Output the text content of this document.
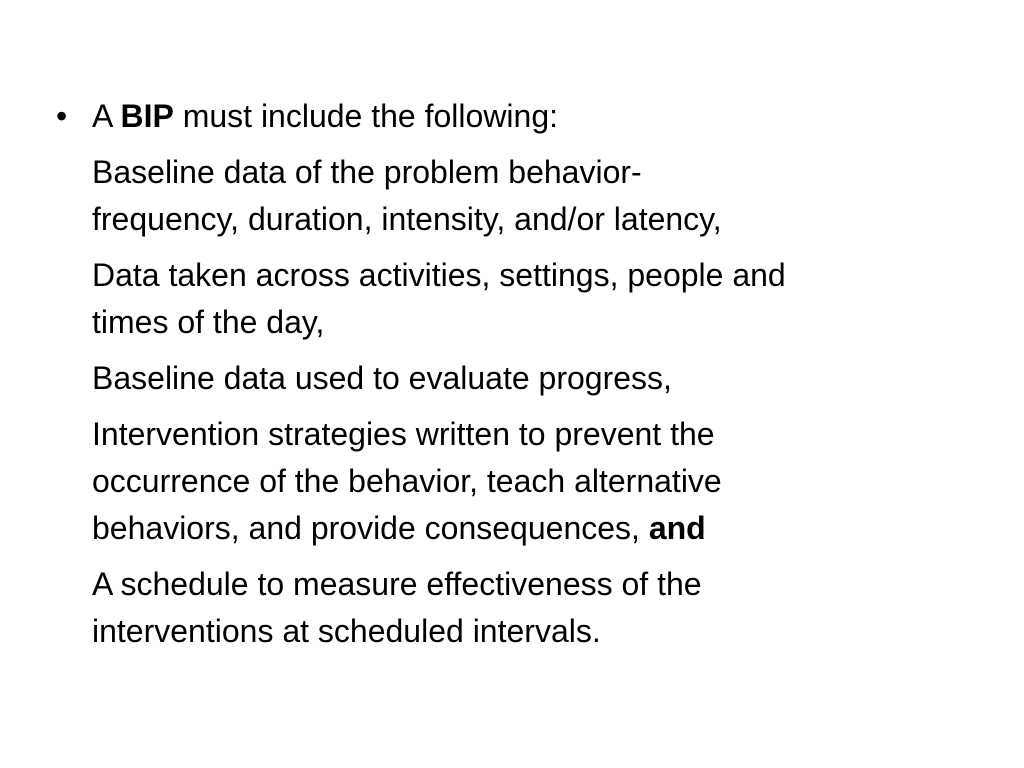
• A BIP must include the following:
Baseline data of the problem behavior-
frequency, duration, intensity, and/or latency,
Data taken across activities, settings, people and
times of the day,
Baseline data used to evaluate progress,
Intervention strategies written to prevent the
occurrence of the behavior, teach alternative
behaviors, and provide consequences, and
A schedule to measure effectiveness of the
interventions at scheduled intervals.
